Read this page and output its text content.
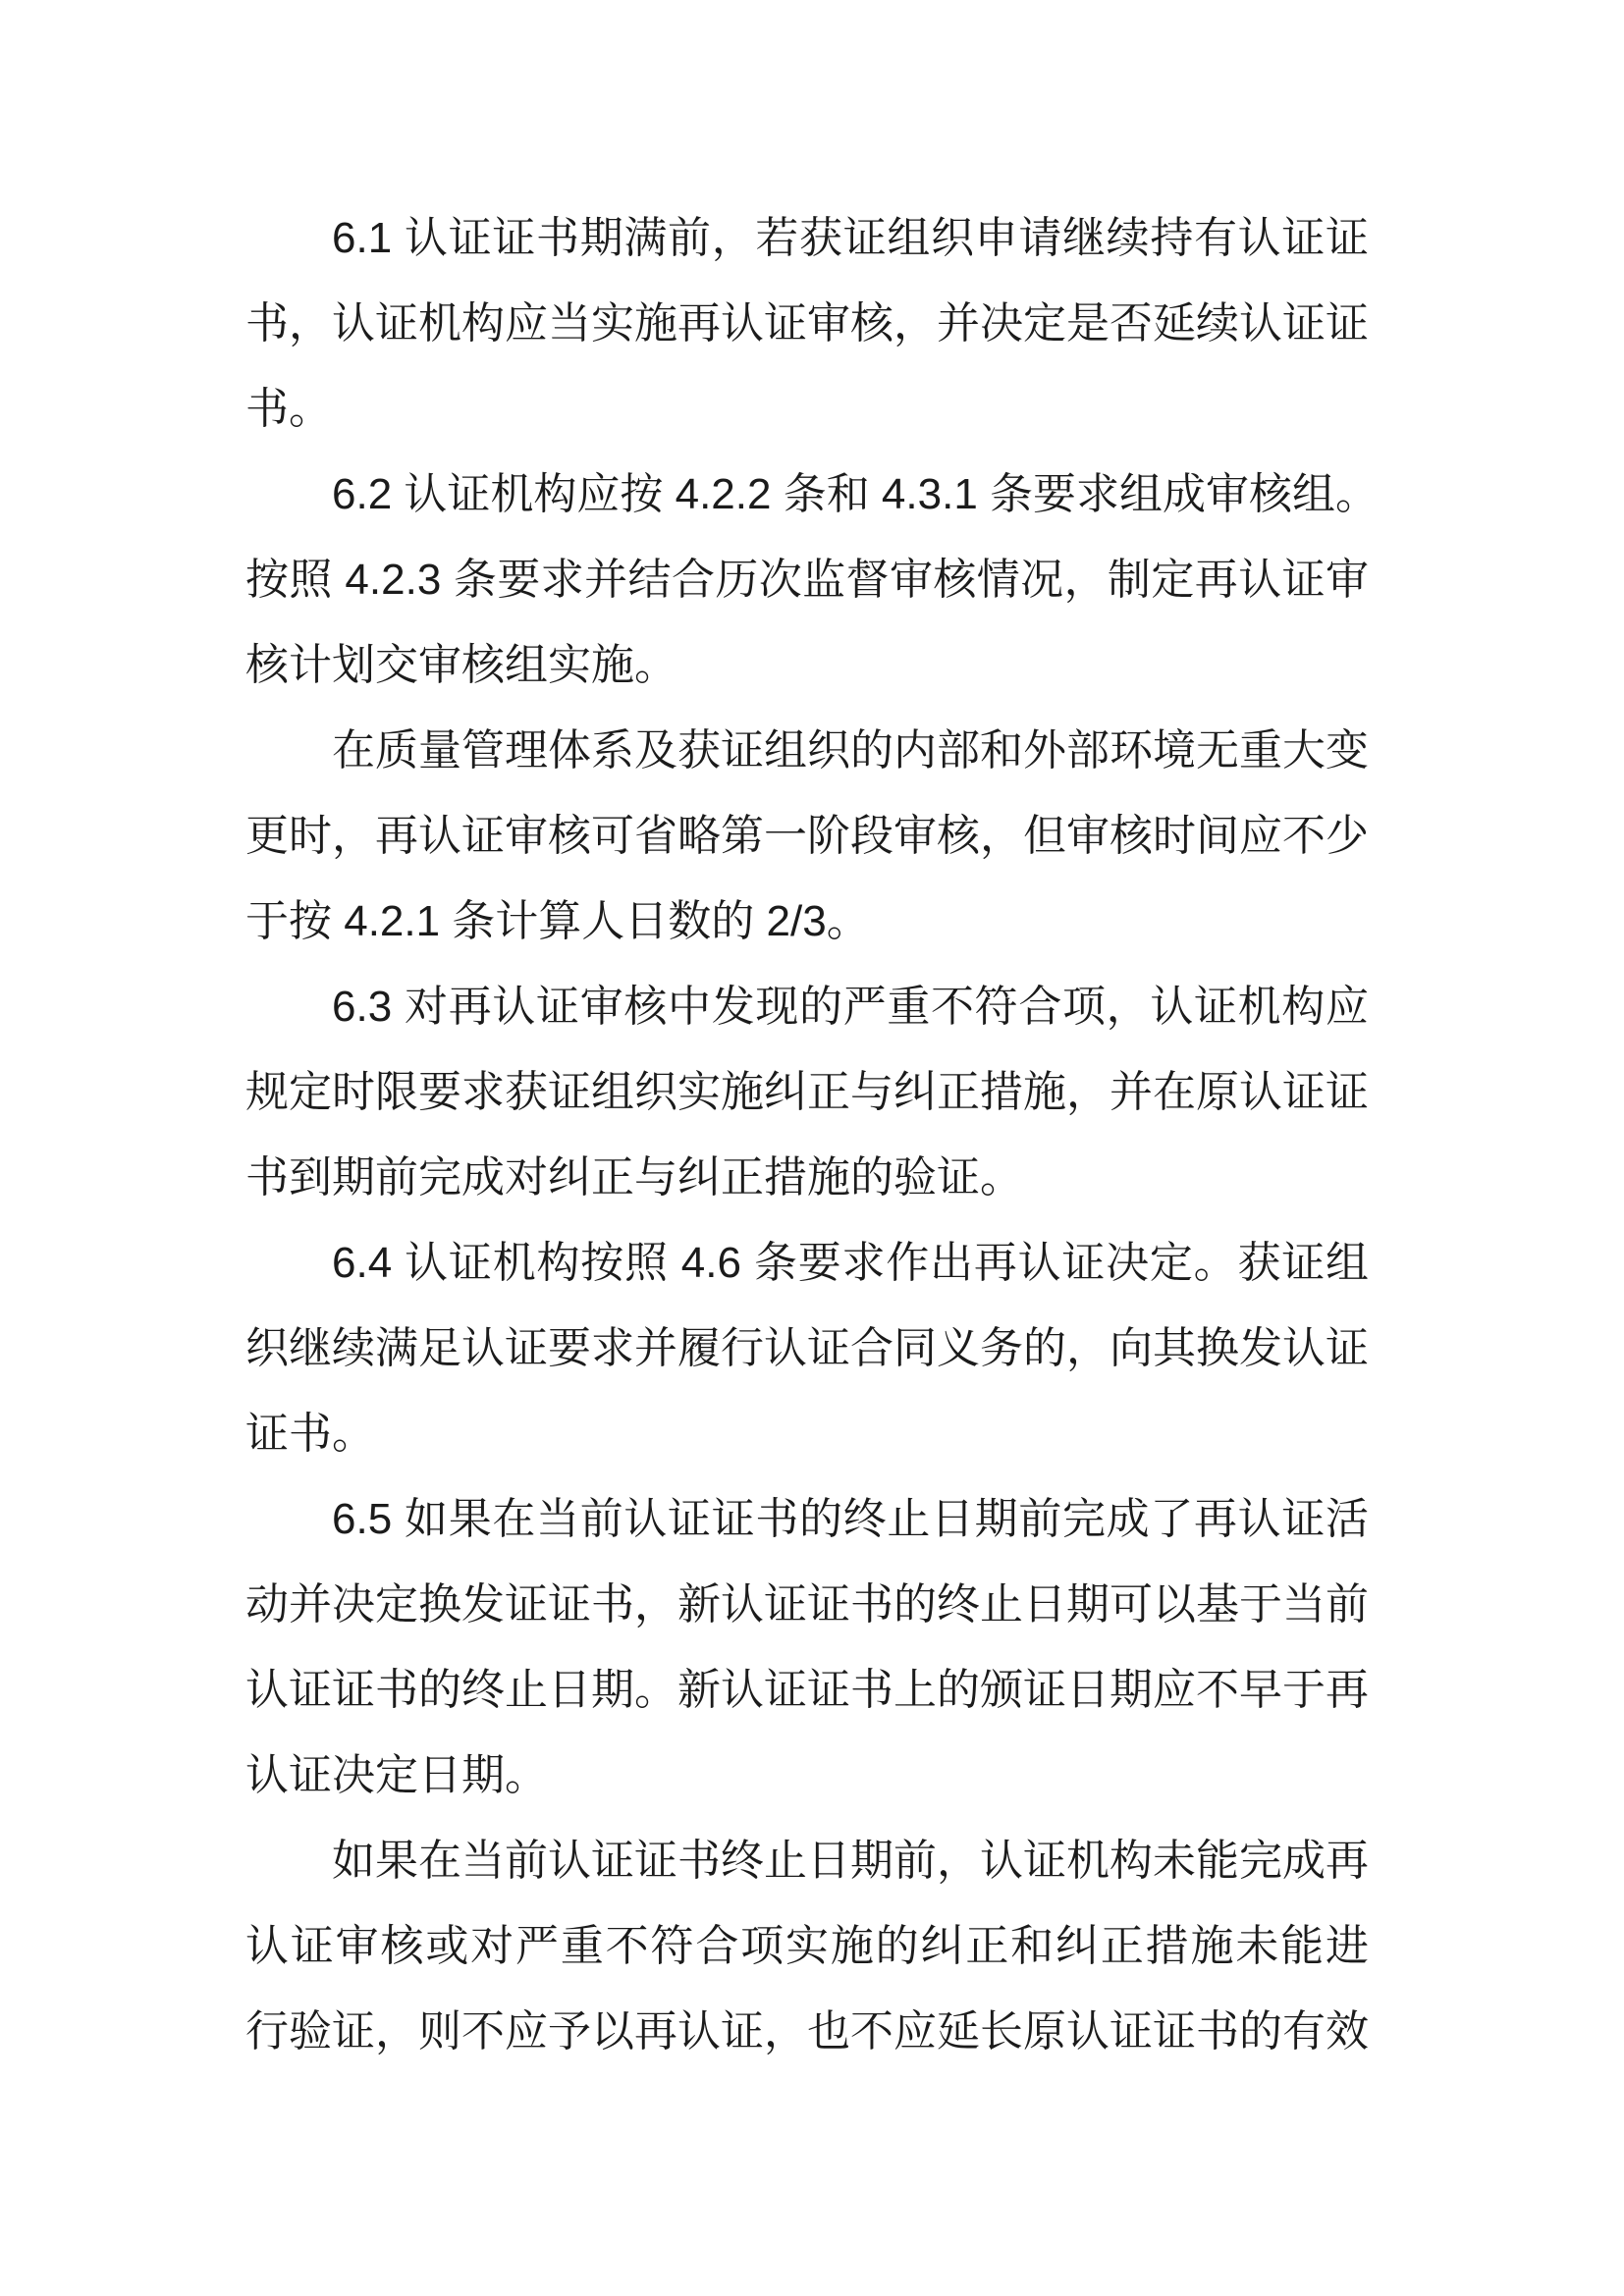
6.1 认证证书期满前，若获证组织申请继续持有认证证
书，认证机构应当实施再认证审核，并决定是否延续认证证
书。
6.2 认证机构应按 4.2.2 条和 4.3.1 条要求组成审核组。
按照 4.2.3 条要求并结合历次监督审核情况，制定再认证审
核计划交审核组实施。
在质量管理体系及获证组织的内部和外部环境无重大变
更时，再认证审核可省略第一阶段审核，但审核时间应不少
于按 4.2.1 条计算人日数的 2/3。
6.3 对再认证审核中发现的严重不符合项，认证机构应
规定时限要求获证组织实施纠正与纠正措施，并在原认证证
书到期前完成对纠正与纠正措施的验证。
6.4 认证机构按照 4.6 条要求作出再认证决定。获证组
织继续满足认证要求并履行认证合同义务的，向其换发认证
证书。
6.5 如果在当前认证证书的终止日期前完成了再认证活
动并决定换发证证书，新认证证书的终止日期可以基于当前
认证证书的终止日期。新认证证书上的颁证日期应不早于再
认证决定日期。
如果在当前认证证书终止日期前，认证机构未能完成再
认证审核或对严重不符合项实施的纠正和纠正措施未能进
行验证，则不应予以再认证，也不应延长原认证证书的有效
